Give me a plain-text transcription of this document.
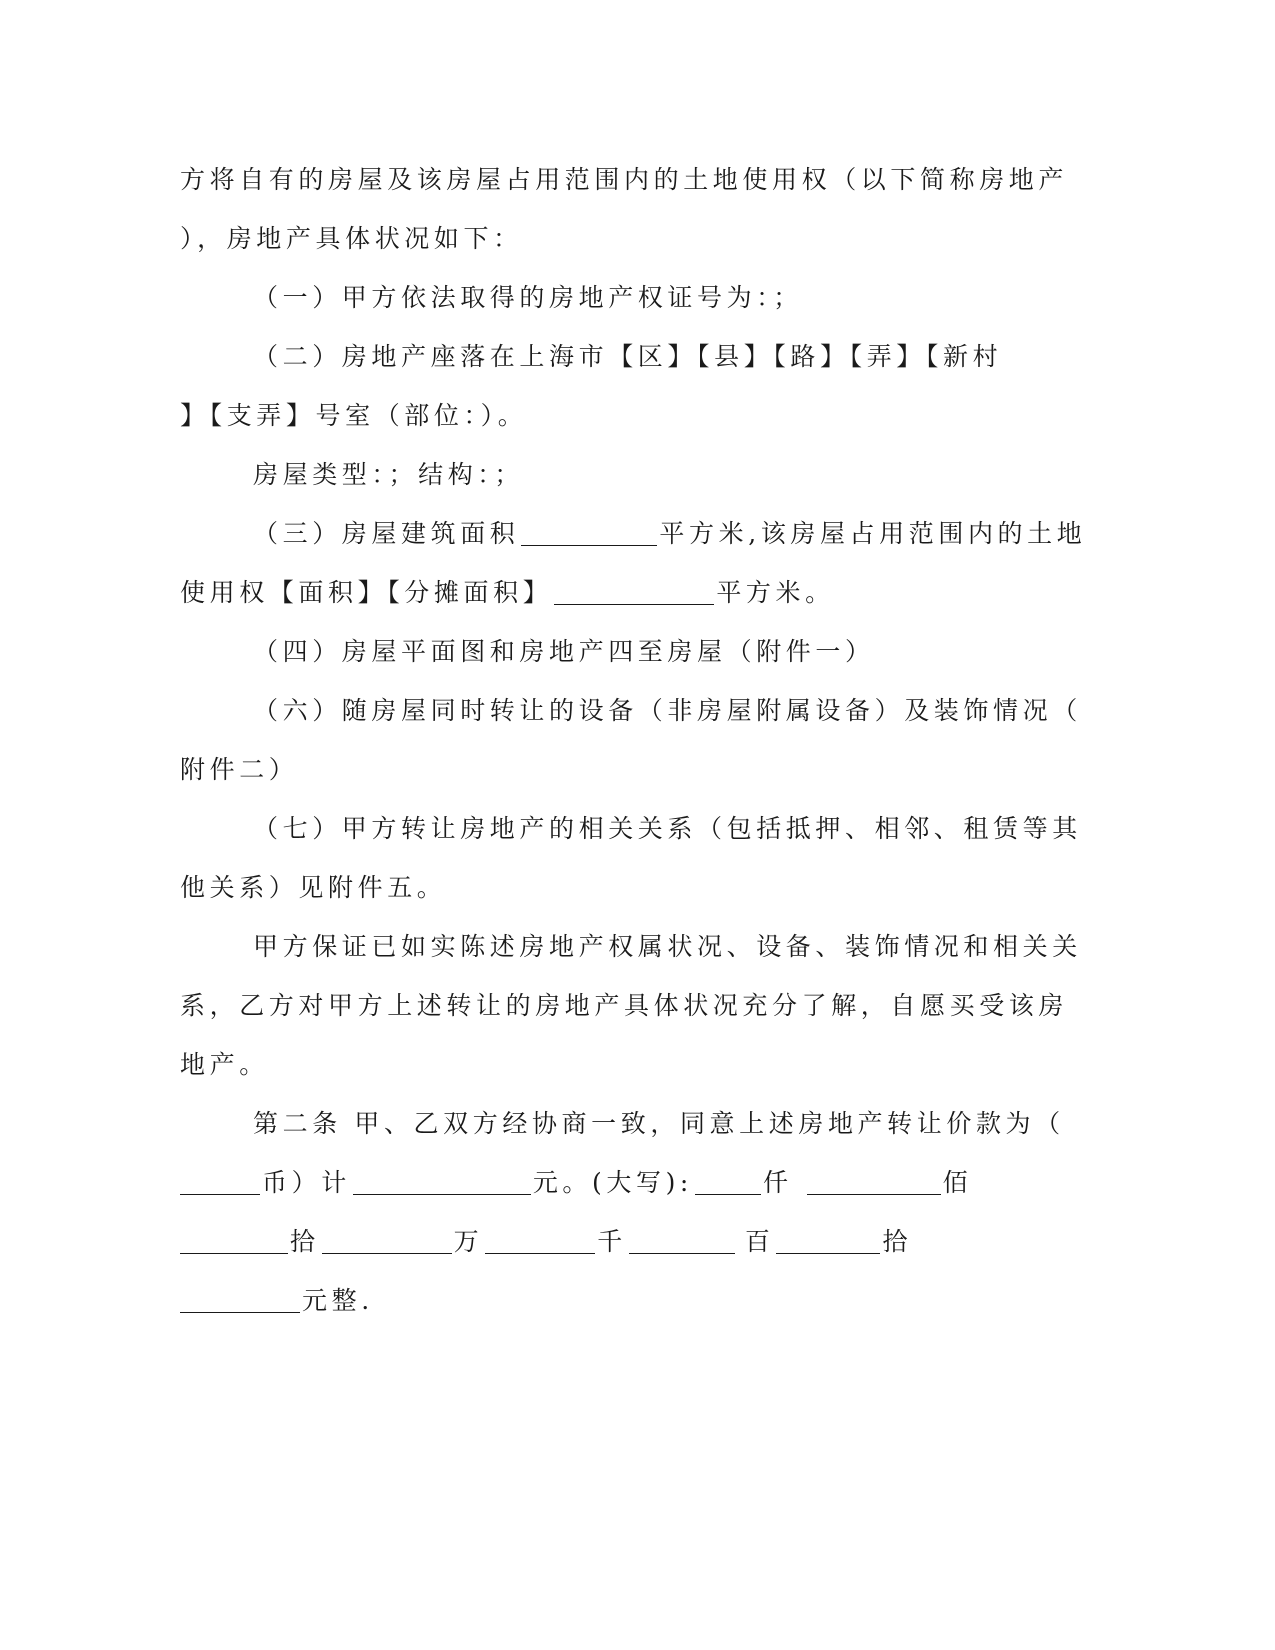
方将自有的房屋及该房屋占用范围内的土地使用权（以下简称房地产
），房地产具体状况如下：
（一）甲方依法取得的房地产权证号为：；
（二）房地产座落在上海市【区】【县】【路】【弄】【新村
】【支弄】号室（部位：）。
房屋类型：；结构：；
（三）房屋建筑面积	平方米,该房屋占用范围内的土地
使用权【面积】【分摊面积】	平方米。
（四）房屋平面图和房地产四至房屋（附件一）
（六）随房屋同时转让的设备（非房屋附属设备）及装饰情况（
附件二）
（七）甲方转让房地产的相关关系（包括抵押、相邻、租赁等其
他关系）见附件五。
甲方保证已如实陈述房地产权属状况、设备、装饰情况和相关关
系，乙方对甲方上述转让的房地产具体状况充分了解，自愿买受该房
地产。
第二条 甲、乙双方经协商一致，同意上述房地产转让价款为（
币）计	元。(大写):	仟	佰
拾	万	千	百	拾
元整.
